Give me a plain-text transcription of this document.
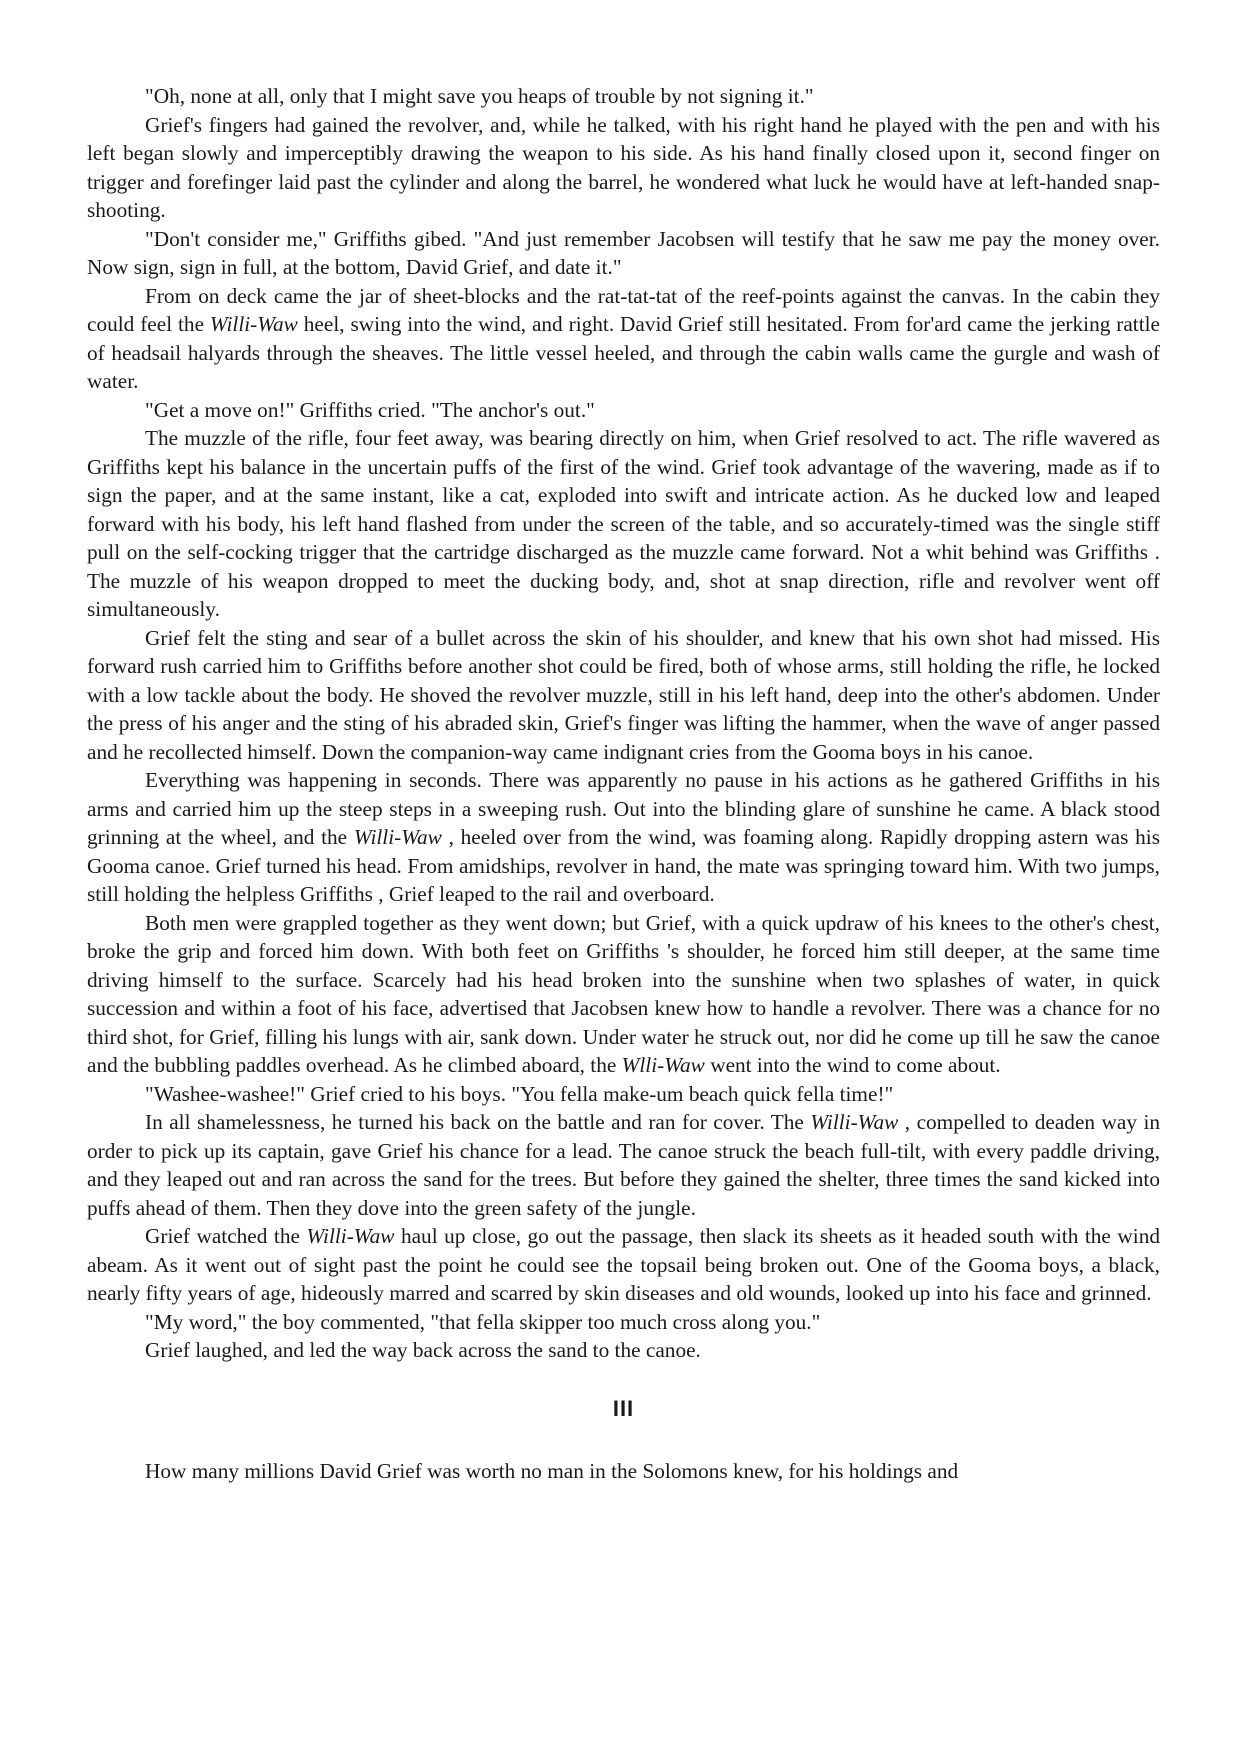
"Oh, none at all, only that I might save you heaps of trouble by not signing it."

Grief's fingers had gained the revolver, and, while he talked, with his right hand he played with the pen and with his left began slowly and imperceptibly drawing the weapon to his side. As his hand finally closed upon it, second finger on trigger and forefinger laid past the cylinder and along the barrel, he wondered what luck he would have at left-handed snap-shooting.

"Don't consider me," Griffiths gibed. "And just remember Jacobsen will testify that he saw me pay the money over. Now sign, sign in full, at the bottom, David Grief, and date it."

From on deck came the jar of sheet-blocks and the rat-tat-tat of the reef-points against the canvas. In the cabin they could feel the Willi-Waw heel, swing into the wind, and right. David Grief still hesitated. From for'ard came the jerking rattle of headsail halyards through the sheaves. The little vessel heeled, and through the cabin walls came the gurgle and wash of water.

"Get a move on!" Griffiths cried. "The anchor's out."

The muzzle of the rifle, four feet away, was bearing directly on him, when Grief resolved to act. The rifle wavered as Griffiths kept his balance in the uncertain puffs of the first of the wind. Grief took advantage of the wavering, made as if to sign the paper, and at the same instant, like a cat, exploded into swift and intricate action. As he ducked low and leaped forward with his body, his left hand flashed from under the screen of the table, and so accurately-timed was the single stiff pull on the self-cocking trigger that the cartridge discharged as the muzzle came forward. Not a whit behind was Griffiths . The muzzle of his weapon dropped to meet the ducking body, and, shot at snap direction, rifle and revolver went off simultaneously.

Grief felt the sting and sear of a bullet across the skin of his shoulder, and knew that his own shot had missed. His forward rush carried him to Griffiths before another shot could be fired, both of whose arms, still holding the rifle, he locked with a low tackle about the body. He shoved the revolver muzzle, still in his left hand, deep into the other's abdomen. Under the press of his anger and the sting of his abraded skin, Grief's finger was lifting the hammer, when the wave of anger passed and he recollected himself. Down the companion-way came indignant cries from the Gooma boys in his canoe.

Everything was happening in seconds. There was apparently no pause in his actions as he gathered Griffiths in his arms and carried him up the steep steps in a sweeping rush. Out into the blinding glare of sunshine he came. A black stood grinning at the wheel, and the Willi-Waw , heeled over from the wind, was foaming along. Rapidly dropping astern was his Gooma canoe. Grief turned his head. From amidships, revolver in hand, the mate was springing toward him. With two jumps, still holding the helpless Griffiths , Grief leaped to the rail and overboard.

Both men were grappled together as they went down; but Grief, with a quick updraw of his knees to the other's chest, broke the grip and forced him down. With both feet on Griffiths 's shoulder, he forced him still deeper, at the same time driving himself to the surface. Scarcely had his head broken into the sunshine when two splashes of water, in quick succession and within a foot of his face, advertised that Jacobsen knew how to handle a revolver. There was a chance for no third shot, for Grief, filling his lungs with air, sank down. Under water he struck out, nor did he come up till he saw the canoe and the bubbling paddles overhead. As he climbed aboard, the Wlli-Waw went into the wind to come about.

"Washee-washee!" Grief cried to his boys. "You fella make-um beach quick fella time!"

In all shamelessness, he turned his back on the battle and ran for cover. The Willi-Waw , compelled to deaden way in order to pick up its captain, gave Grief his chance for a lead. The canoe struck the beach full-tilt, with every paddle driving, and they leaped out and ran across the sand for the trees. But before they gained the shelter, three times the sand kicked into puffs ahead of them. Then they dove into the green safety of the jungle.

Grief watched the Willi-Waw haul up close, go out the passage, then slack its sheets as it headed south with the wind abeam. As it went out of sight past the point he could see the topsail being broken out. One of the Gooma boys, a black, nearly fifty years of age, hideously marred and scarred by skin diseases and old wounds, looked up into his face and grinned.

"My word," the boy commented, "that fella skipper too much cross along you."

Grief laughed, and led the way back across the sand to the canoe.

III

How many millions David Grief was worth no man in the Solomons knew, for his holdings and
